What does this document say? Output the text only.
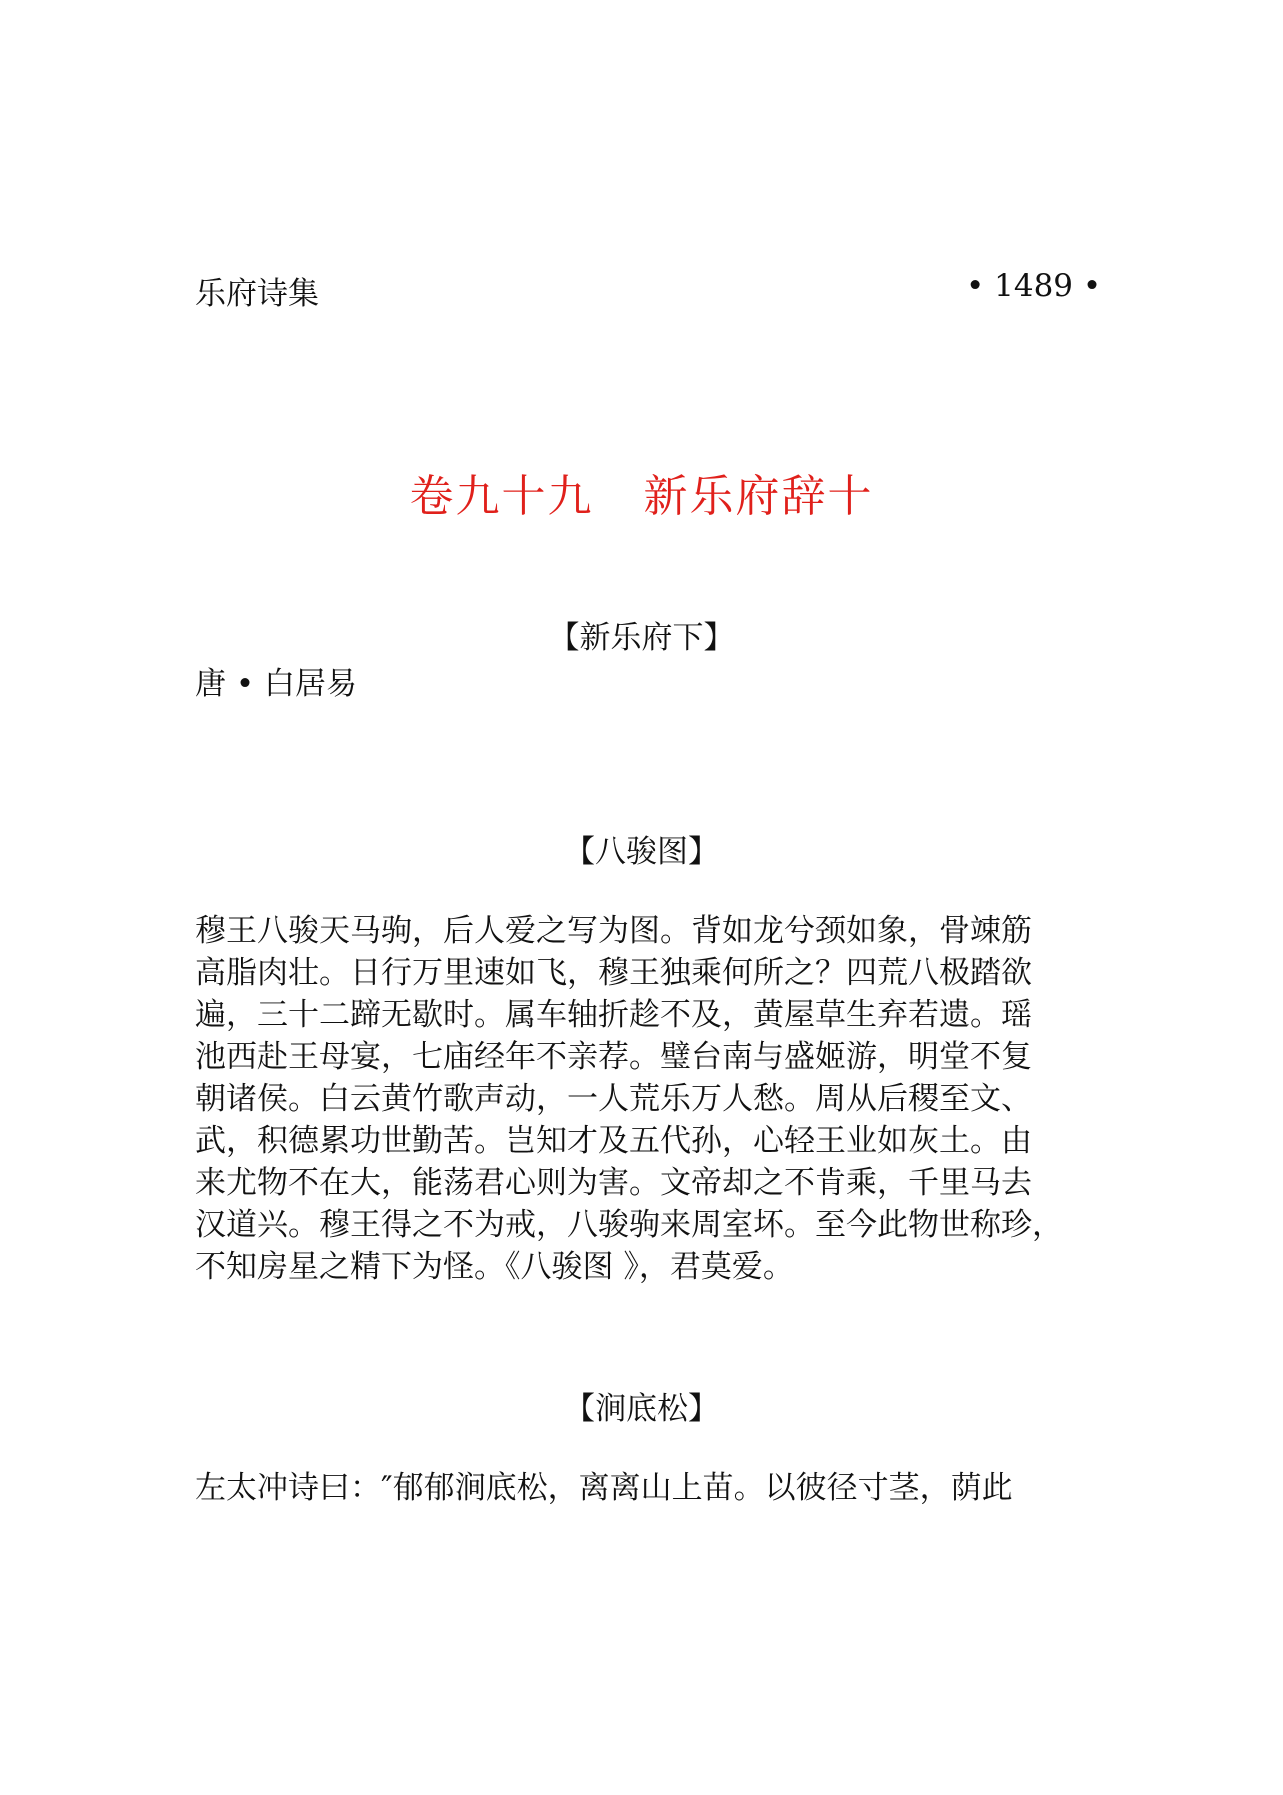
乐府诗集	• 1489 •
卷九十九 新乐府辞十
【新乐府下】
唐 • 白居易
【八骏图】
穆王八骏天马驹，后人爱之写为图。背如龙兮颈如象，骨竦筋
高脂肉壮。日行万里速如飞，穆王独乘何所之？四荒八极踏欲
遍，三十二蹄无歇时。属车轴折趁不及，黄屋草生弃若遗。瑶
池西赴王母宴，七庙经年不亲荐。璧台南与盛姬游，明堂不复
朝诸侯。白云黄竹歌声动，一人荒乐万人愁。周从后稷至文、
武，积德累功世勤苦。岂知才及五代孙，心轻王业如灰土。由
来尤物不在大，能荡君心则为害。文帝却之不肯乘，千里马去
汉道兴。穆王得之不为戒，八骏驹来周室坏。至今此物世称珍，
不知房星之精下为怪。《八骏图 》，君莫爱。
【涧底松】
左太冲诗曰：″郁郁涧底松，离离山上苗。以彼径寸茎，荫此
